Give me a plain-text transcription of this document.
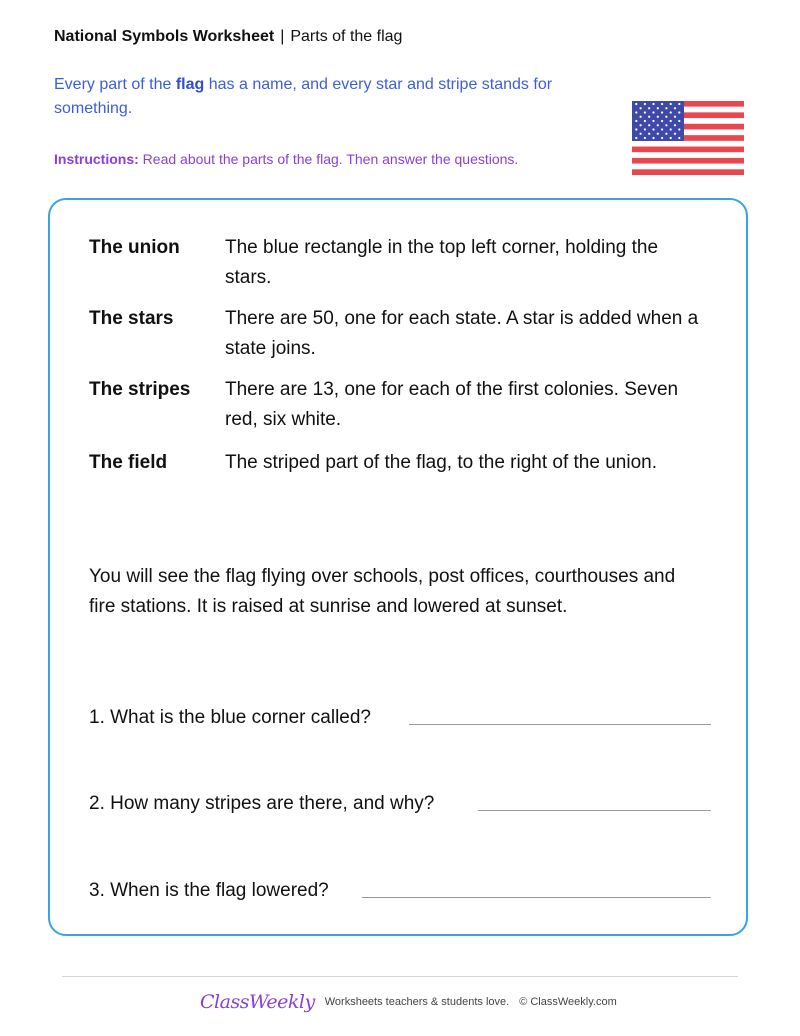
National Symbols Worksheet | Parts of the flag
Every part of the flag has a name, and every star and stripe stands for something.
Instructions: Read about the parts of the flag. Then answer the questions.
The union	The blue rectangle in the top left corner, holding the stars.
The stars	There are 50, one for each state. A star is added when a state joins.
The stripes	There are 13, one for each of the first colonies. Seven red, six white.
The field	The striped part of the flag, to the right of the union.
You will see the flag flying over schools, post offices, courthouses and fire stations. It is raised at sunrise and lowered at sunset.
1. What is the blue corner called?
2. How many stripes are there, and why?
3. When is the flag lowered?
ClassWeekly Worksheets teachers & students love. © ClassWeekly.com
